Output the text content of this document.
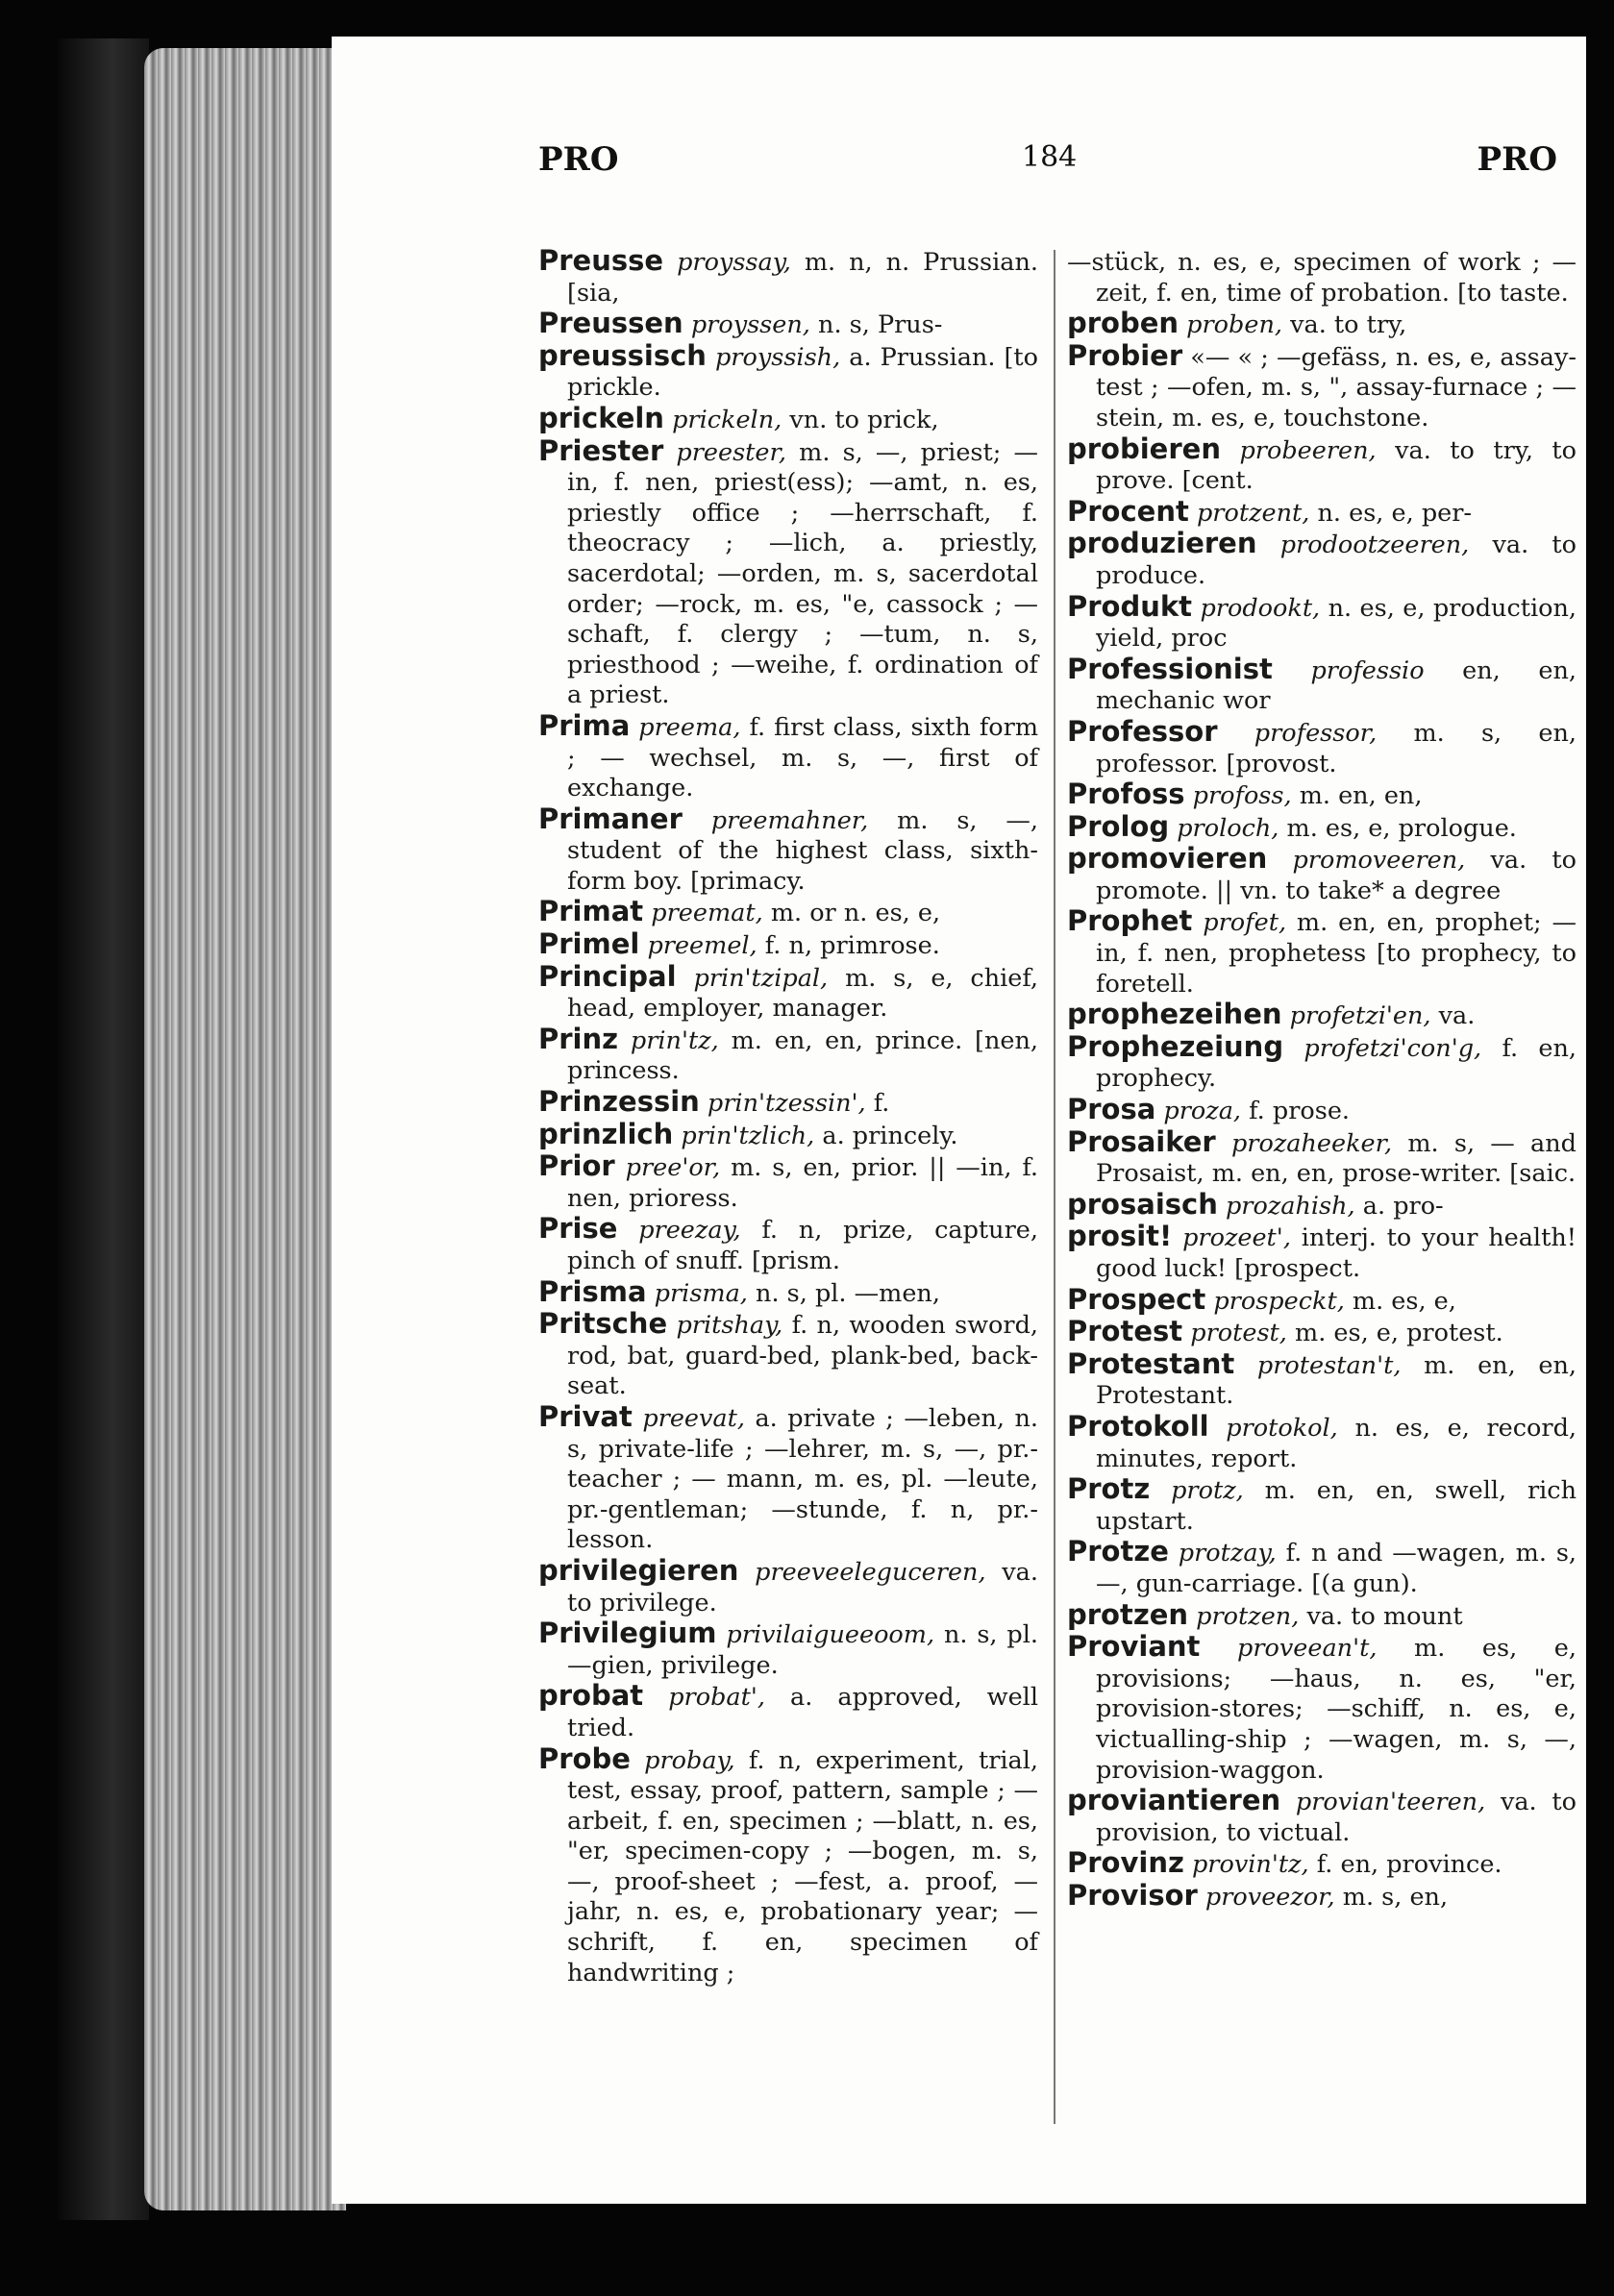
PRO	184	PRO

Preusse proyssay, m. n, n. Prussian. [sia,

Preussen proyssen, n. s, Prus-

preussisch proyssish, a. Prussian. [to prickle.

prickeln prickeln, vn. to prick,

Priester preester, m. s, —, priest; —in, f. nen, priest(ess); —amt, n. es, priestly office ; —herrschaft, f. theocracy ; —lich, a. priestly, sacerdotal; —orden, m. s, sacerdotal order; —rock, m. es, "e, cassock ; —schaft, f. clergy ; —tum, n. s, priesthood ; —weihe, f. ordination of a priest.

Prima preema, f. first class, sixth form ; — wechsel, m. s, —, first of exchange.

Primaner preemahner, m. s, —, student of the highest class, sixth-form boy. [primacy.

Primat preemat, m. or n. es, e,

Primel preemel, f. n, primrose.

Principal prin'tzipal, m. s, e, chief, head, employer, manager.

Prinz prin'tz, m. en, en, prince. [nen, princess.

Prinzessin prin'tzessin', f.

prinzlich prin'tzlich, a. princely.

Prior pree'or, m. s, en, prior. || —in, f. nen, prioress.

Prise preezay, f. n, prize, capture, pinch of snuff. [prism.

Prisma prisma, n. s, pl. —men,

Pritsche pritshay, f. n, wooden sword, rod, bat, guard-bed, plank-bed, back-seat.

Privat preevat, a. private ; —leben, n. s, private-life ; —lehrer, m. s, —, pr.-teacher ; — mann, m. es, pl. —leute, pr.-gentleman; —stunde, f. n, pr.-lesson.

privilegieren preeveeleguceren, va. to privilege.

Privilegium privilaigueeoom, n. s, pl. —gien, privilege.

probat probat', a. approved, well tried.

Probe probay, f. n, experiment, trial, test, essay, proof, pattern, sample ; —arbeit, f. en, specimen ; —blatt, n. es, "er, specimen-copy ; —bogen, m. s, —, proof-sheet ; —fest, a. proof, —jahr, n. es, e, probationary year; —schrift, f. en, specimen of handwriting ;

—stück, n. es, e, specimen of work ; — zeit, f. en, time of probation. [to taste.

proben proben, va. to try,

Probier «— « ; —gefäss, n. es, e, assay-test ; —ofen, m. s, ", assay-furnace ; —stein, m. es, e, touchstone.

probieren probeeren, va. to try, to prove. [cent.

Procent protzent, n. es, e, per-

produzieren prodootzeeren, va. to produce.

Produkt prodookt, n. es, e, production, yield, proc

Professionist professio en, en, mechanic wor

Professor professor, m. s, en, professor. [provost.

Profoss profoss, m. en, en,

Prolog proloch, m. es, e, prologue.

promovieren promoveeren, va. to promote. || vn. to take* a degree

Prophet profet, m. en, en, prophet; —in, f. nen, prophetess [to prophecy, to foretell.

prophezeihen profetzi'en, va.

Prophezeiung profetzi'con'g, f. en, prophecy.

Prosa proza, f. prose.

Prosaiker prozaheeker, m. s, — and Prosaist, m. en, en, prose-writer. [saic.

prosaisch prozahish, a. pro-

prosit! prozeet', interj. to your health! good luck! [prospect.

Prospect prospeckt, m. es, e,

Protest protest, m. es, e, protest.

Protestant protestan't, m. en, en, Protestant.

Protokoll protokol, n. es, e, record, minutes, report.

Protz protz, m. en, en, swell, rich upstart.

Protze protzay, f. n and —wagen, m. s, —, gun-carriage. [(a gun).

protzen protzen, va. to mount

Proviant proveean't, m. es, e, provisions; —haus, n. es, "er, provision-stores; —schiff, n. es, e, victualling-ship ; —wagen, m. s, —, provision-waggon.

proviantieren provian'teeren, va. to provision, to victual.

Provinz provin'tz, f. en, province.

Provisor proveezor, m. s, en,
